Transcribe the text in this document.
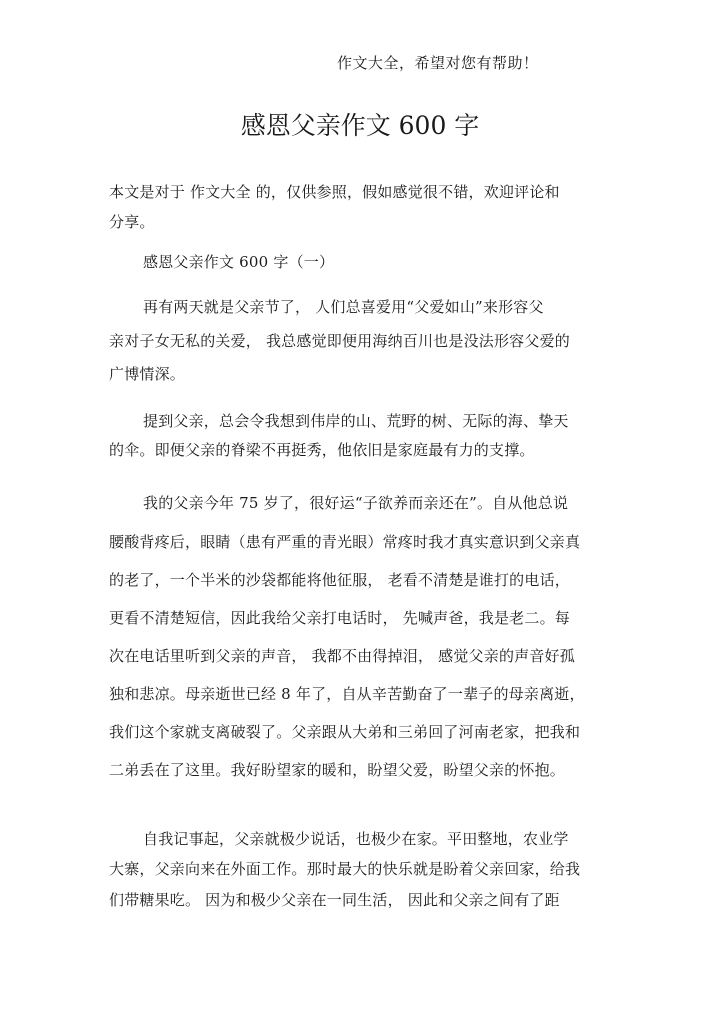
作文大全，希望对您有帮助！
感恩父亲作文 600 字
本文是对于 作文大全 的，仅供参照，假如感觉很不错，欢迎评论和
分享。
感恩父亲作文 600 字（一）
再有两天就是父亲节了， 人们总喜爱用“父爱如山”来形容父
亲对子女无私的关爱， 我总感觉即便用海纳百川也是没法形容父爱的
广博情深。
提到父亲，总会令我想到伟岸的山、荒野的树、无际的海、挚天
的伞。即便父亲的脊梁不再挺秀，他依旧是家庭最有力的支撑。
我的父亲今年 75 岁了，很好运“子欲养而亲还在”。自从他总说
腰酸背疼后，眼睛（患有严重的青光眼）常疼时我才真实意识到父亲真
的老了，一个半米的沙袋都能将他征服， 老看不清楚是谁打的电话，
更看不清楚短信，因此我给父亲打电话时， 先喊声爸，我是老二。每
次在电话里听到父亲的声音， 我都不由得掉泪， 感觉父亲的声音好孤
独和悲凉。母亲逝世已经 8 年了，自从辛苦勤奋了一辈子的母亲离逝，
我们这个家就支离破裂了。父亲跟从大弟和三弟回了河南老家，把我和
二弟丢在了这里。我好盼望家的暖和，盼望父爱，盼望父亲的怀抱。
自我记事起，父亲就极少说话，也极少在家。平田整地，农业学
大寨，父亲向来在外面工作。那时最大的快乐就是盼着父亲回家，给我
们带糖果吃。 因为和极少父亲在一同生活， 因此和父亲之间有了距
